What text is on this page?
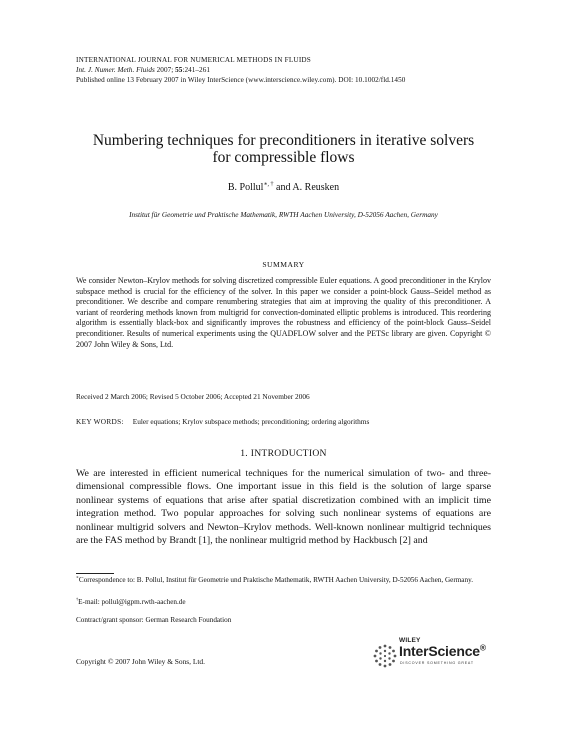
INTERNATIONAL JOURNAL FOR NUMERICAL METHODS IN FLUIDS
Int. J. Numer. Meth. Fluids 2007; 55:241–261
Published online 13 February 2007 in Wiley InterScience (www.interscience.wiley.com). DOI: 10.1002/fld.1450
Numbering techniques for preconditioners in iterative solvers
for compressible flows
B. Pollul∗, † and A. Reusken
Institut für Geometrie und Praktische Mathematik, RWTH Aachen University, D-52056 Aachen, Germany
SUMMARY
We consider Newton–Krylov methods for solving discretized compressible Euler equations. A good preconditioner in the Krylov subspace method is crucial for the efficiency of the solver. In this paper we consider a point-block Gauss–Seidel method as preconditioner. We describe and compare renumbering strategies that aim at improving the quality of this preconditioner. A variant of reordering methods known from multigrid for convection-dominated elliptic problems is introduced. This reordering algorithm is essentially black-box and significantly improves the robustness and efficiency of the point-block Gauss–Seidel preconditioner. Results of numerical experiments using the QUADFLOW solver and the PETSc library are given. Copyright © 2007 John Wiley & Sons, Ltd.
Received 2 March 2006; Revised 5 October 2006; Accepted 21 November 2006
KEY WORDS: Euler equations; Krylov subspace methods; preconditioning; ordering algorithms
1. INTRODUCTION
We are interested in efficient numerical techniques for the numerical simulation of two- and three-dimensional compressible flows. One important issue in this field is the solution of large sparse nonlinear systems of equations that arise after spatial discretization combined with an implicit time integration method. Two popular approaches for solving such nonlinear systems of equations are nonlinear multigrid solvers and Newton–Krylov methods. Well-known nonlinear multigrid techniques are the FAS method by Brandt [1], the nonlinear multigrid method by Hackbusch [2] and
∗Correspondence to: B. Pollul, Institut für Geometrie und Praktische Mathematik, RWTH Aachen University, D-52056 Aachen, Germany.
†E-mail: pollul@igpm.rwth-aachen.de
Contract/grant sponsor: German Research Foundation
Copyright © 2007 John Wiley & Sons, Ltd.
WILEY
InterScience®
DISCOVER SOMETHING GREAT
